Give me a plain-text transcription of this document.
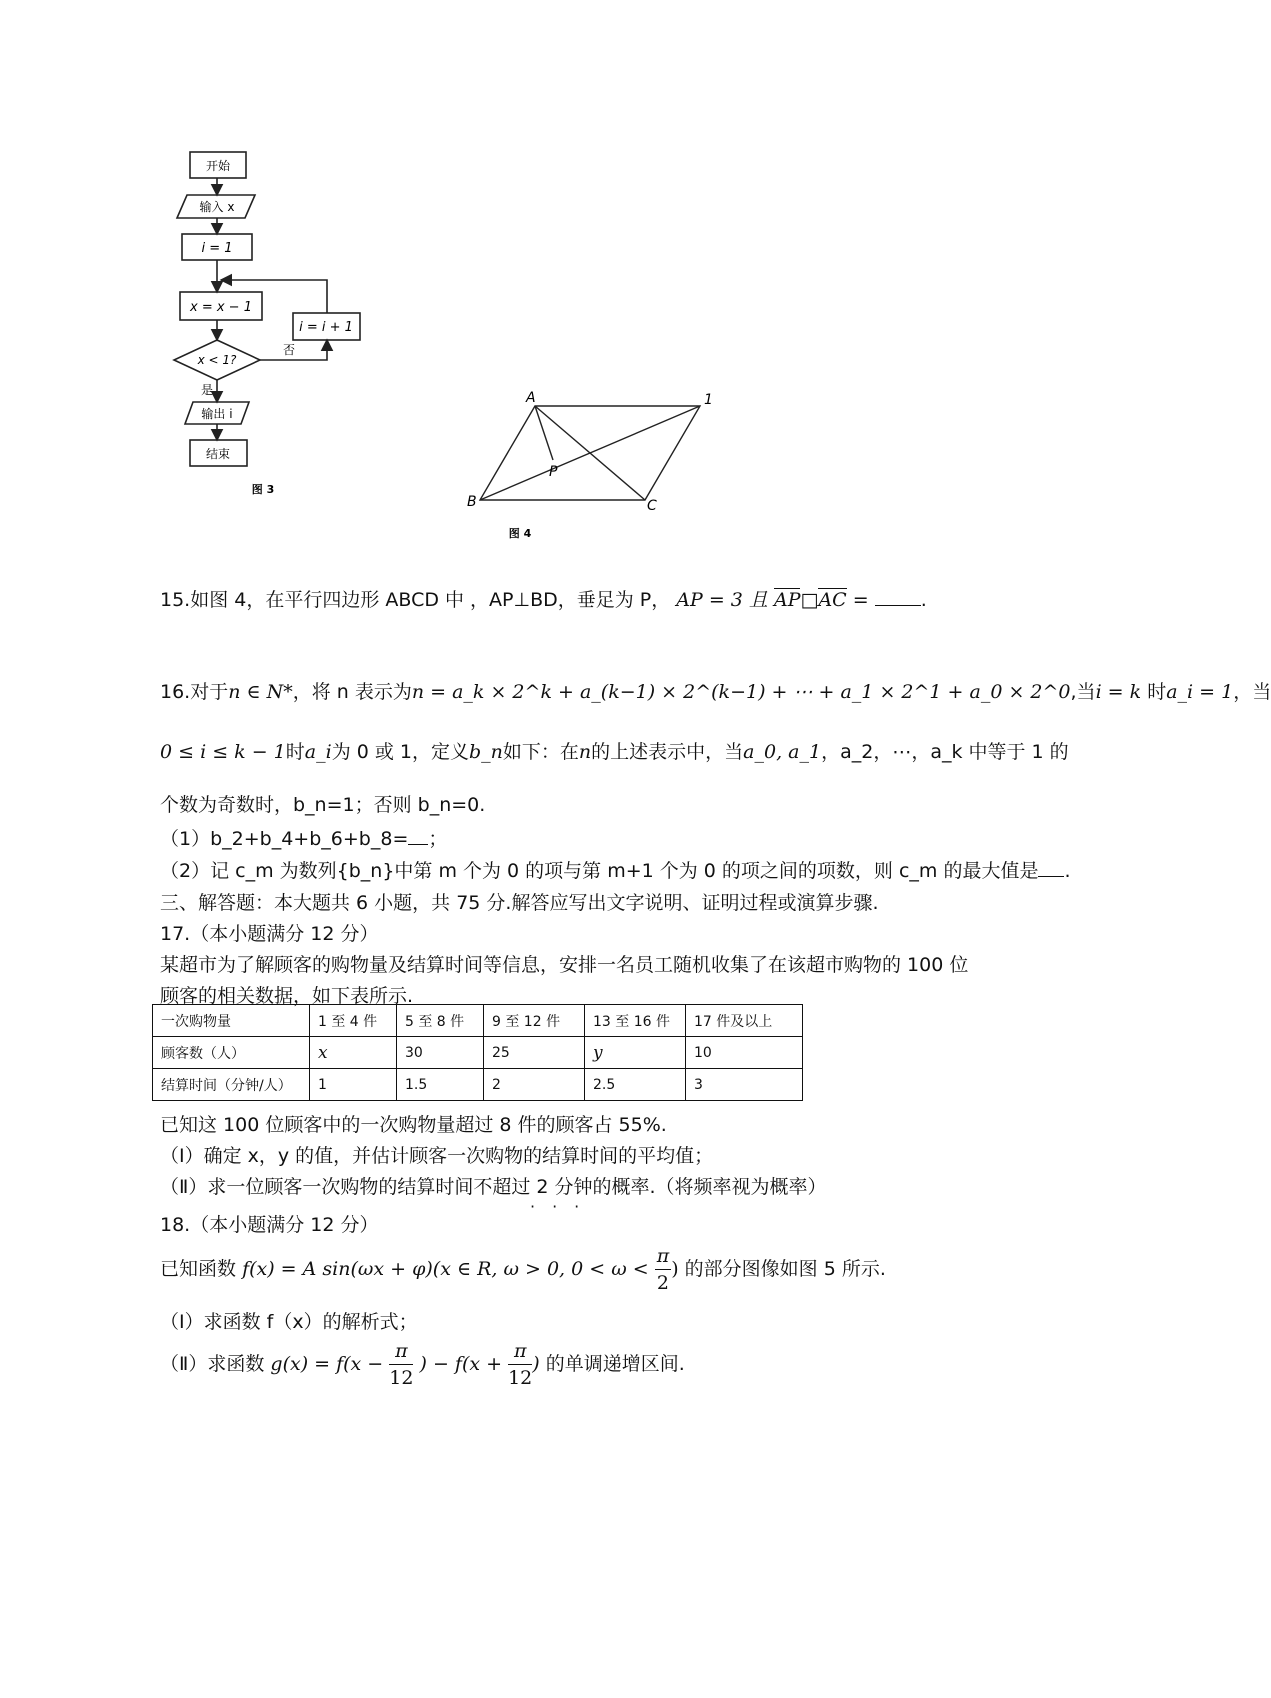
开始
输入 x
i = 1
x = x − 1
i = i + 1
x < 1?
否
是
输出 i
结束
图 3
A	1
B	C
P
图 4
15.如图 4，在平行四边形 ABCD 中 ，AP⊥BD，垂足为 P， AP = 3 且 AP□AC = .
16.对于n ∈ N*，将 n 表示为n = a_k × 2^k + a_(k−1) × 2^(k−1) + ⋯ + a_1 × 2^1 + a_0 × 2^0,当i = k 时a_i = 1，当
0 ≤ i ≤ k − 1时a_i为 0 或 1，定义b_n如下：在n的上述表示中，当a_0, a_1，a_2，⋯，a_k 中等于 1 的
个数为奇数时，b_n=1；否则 b_n=0.
（1）b_2+b_4+b_6+b_8= ；
（2）记 c_m 为数列{b_n}中第 m 个为 0 的项与第 m+1 个为 0 的项之间的项数，则 c_m 的最大值是 .
三、解答题：本大题共 6 小题，共 75 分.解答应写出文字说明、证明过程或演算步骤.
17.（本小题满分 12 分）
某超市为了解顾客的购物量及结算时间等信息，安排一名员工随机收集了在该超市购物的 100 位
顾客的相关数据，如下表所示.
一次购物量	1 至 4 件	5 至 8 件	9 至 12 件	13 至 16 件	17 件及以上
顾客数（人）	x	30	25	y	10
结算时间（分钟/人）	1	1.5	2	2.5	3
已知这 100 位顾客中的一次购物量超过 8 件的顾客占 55%.
（Ⅰ）确定 x，y 的值，并估计顾客一次购物的结算时间的平均值；
（Ⅱ）求一位顾客一次购物的结算时间不超过 2 分钟的概率.（将频率视为概率）
···
18.（本小题满分 12 分）
已知函数 f(x) = A sin(ωx + φ)(x ∈ R, ω > 0, $0 < \omega < \frac{\pi}{2}$ ) 的部分图像如图 5 所示.
（Ⅰ）求函数 f（x）的解析式；
（Ⅱ）求函数 $g(x) = f(x - \frac{\pi}{12}$ ) − $f(x + \frac{\pi}{12}$ ) 的单调递增区间.
